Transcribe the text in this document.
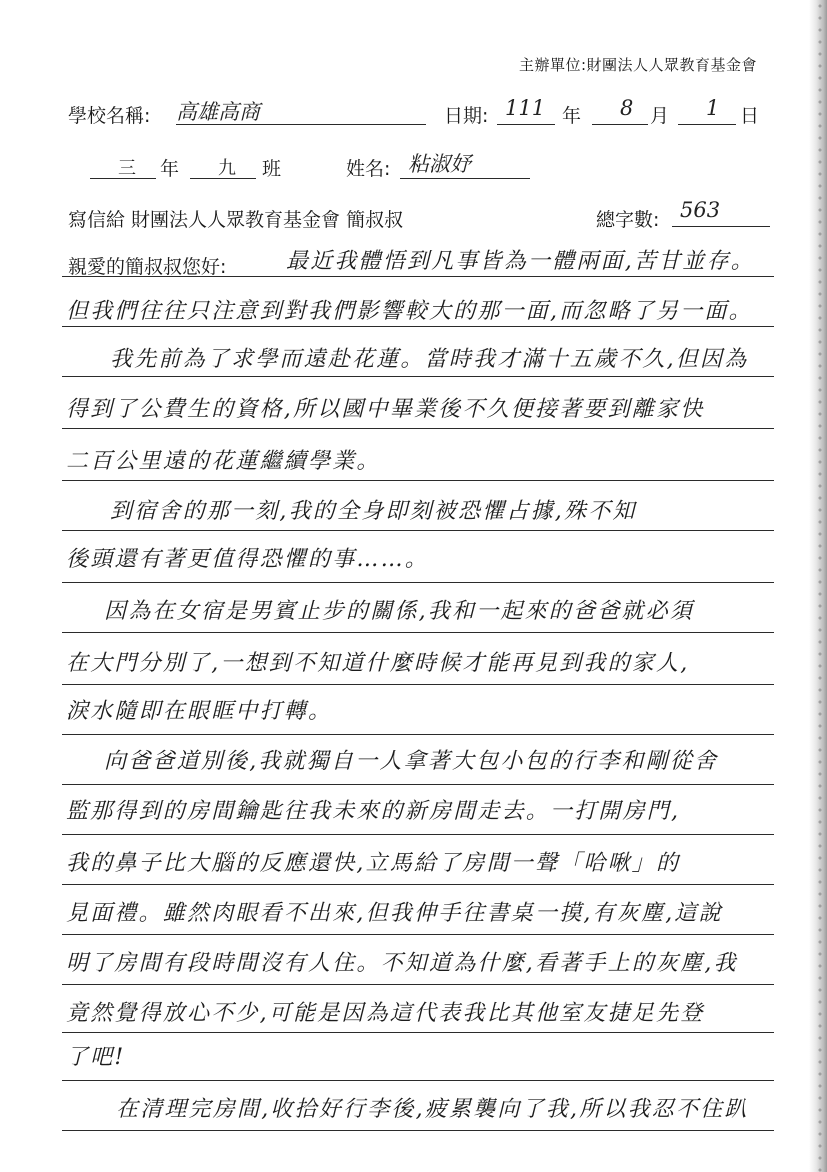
主辦單位:財團法人人眾教育基金會
學校名稱: 高雄高商	日期: 111 年 8 月 1 日
三 年 九 班	姓名: 粘淑妤
寫信給 財團法人人眾教育基金會 簡叔叔	總字數: 563
親愛的簡叔叔您好:	最近我體悟到凡事皆為一體兩面,苦甘並存。
但我們往往只注意到對我們影響較大的那一面,而忽略了另一面。
我先前為了求學而遠赴花蓮。當時我才滿十五歲不久,但因為
得到了公費生的資格,所以國中畢業後不久便接著要到離家快
二百公里遠的花蓮繼續學業。
到宿舍的那一刻,我的全身即刻被恐懼占據,殊不知
後頭還有著更值得恐懼的事……。
因為在女宿是男賓止步的關係,我和一起來的爸爸就必須
在大門分別了,一想到不知道什麼時候才能再見到我的家人,
淚水隨即在眼眶中打轉。
向爸爸道別後,我就獨自一人拿著大包小包的行李和剛從舍
監那得到的房間鑰匙往我未來的新房間走去。一打開房門,
我的鼻子比大腦的反應還快,立馬給了房間一聲「哈啾」的
見面禮。雖然肉眼看不出來,但我伸手往書桌一摸,有灰塵,這說
明了房間有段時間沒有人住。不知道為什麼,看著手上的灰塵,我
竟然覺得放心不少,可能是因為這代表我比其他室友捷足先登
了吧!
在清理完房間,收拾好行李後,疲累襲向了我,所以我忍不住趴
